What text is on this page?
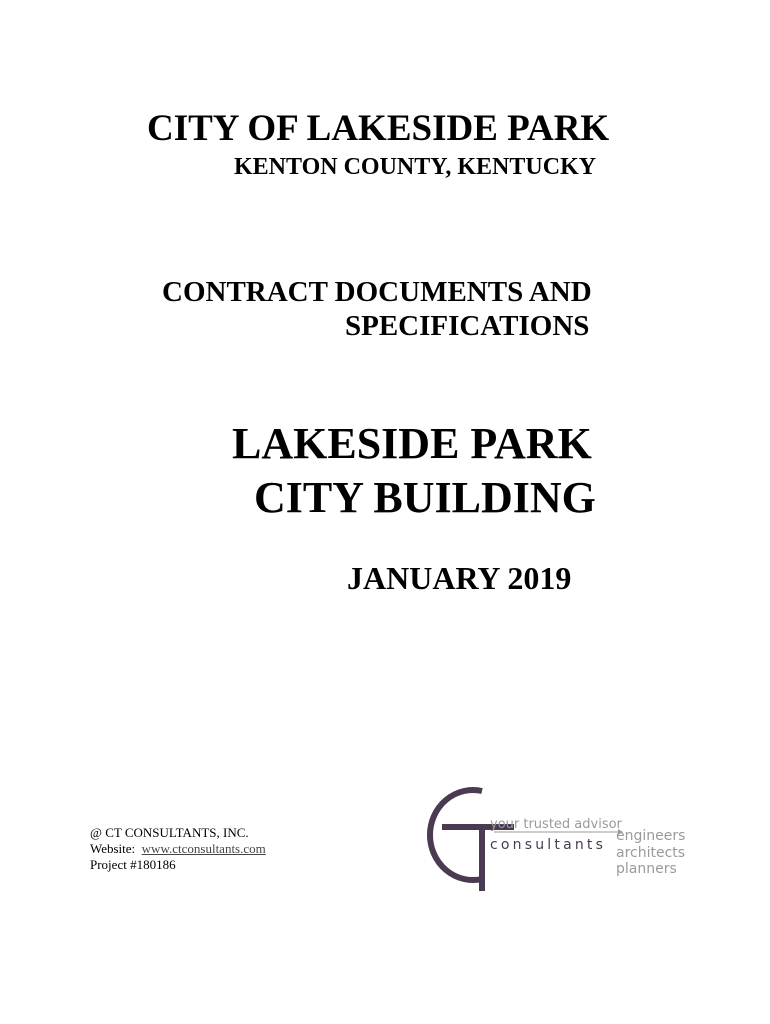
CITY OF LAKESIDE PARK
KENTON COUNTY, KENTUCKY

CONTRACT DOCUMENTS AND

SPECIFICATIONS

LAKESIDE PARK

CITY BUILDING

JANUARY 2019

@ CT CONSULTANTS, INC.

Website: www.ctconsultants.com

Project #180186

your trusted advisor

consultants

engineers

architects

planners
